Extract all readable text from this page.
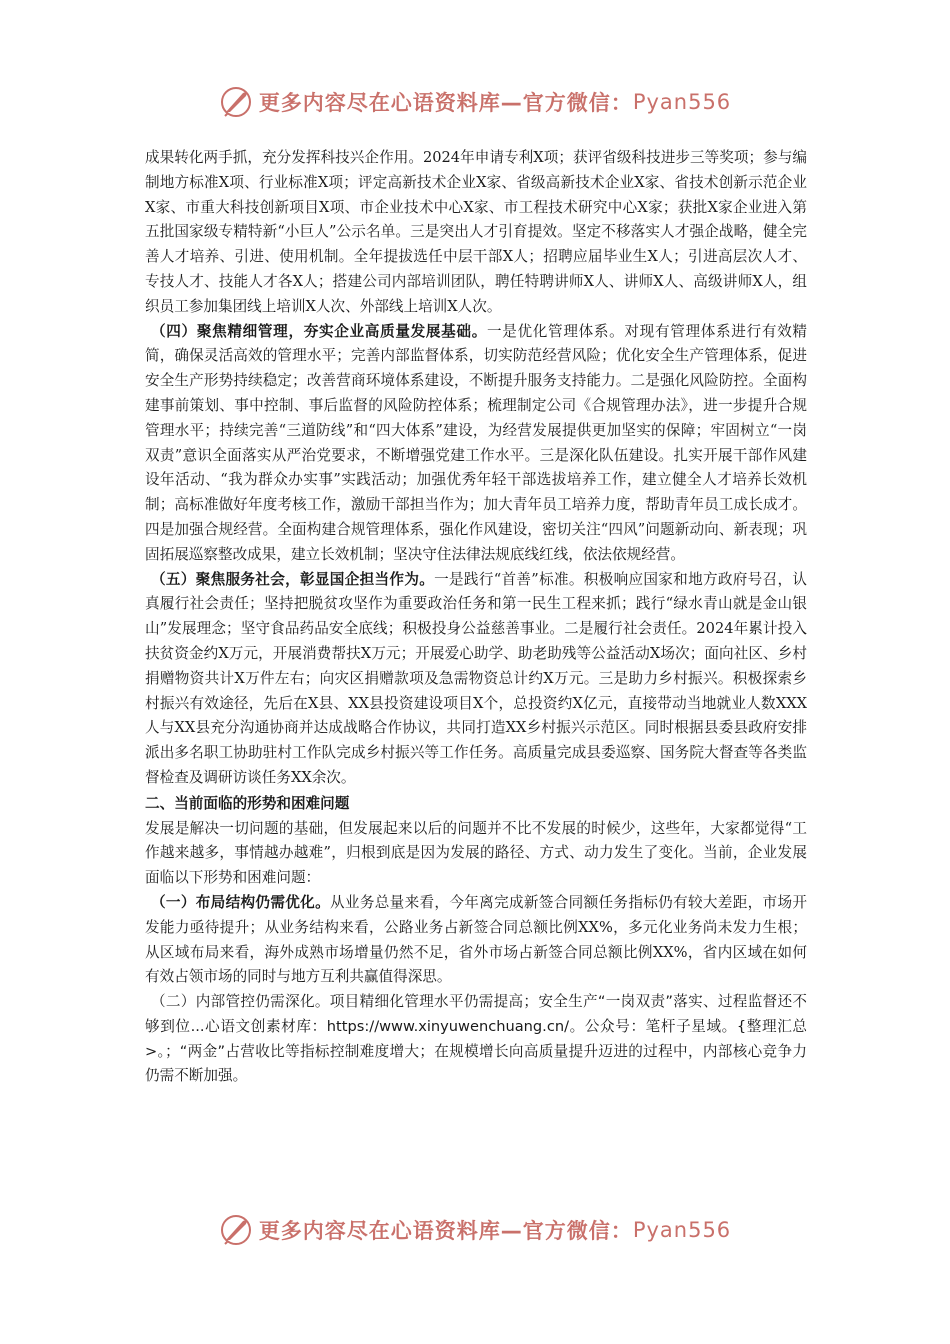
更多内容尽在心语资料库—官方微信： Pyan556

成果转化两手抓，充分发挥科技兴企作用。2024年申请专利X项；获评省级科技进步三等奖项；参与编制地方标准X项、行业标准X项；评定高新技术企业X家、省级高新技术企业X家、省技术创新示范企业X家、市重大科技创新项目X项、市企业技术中心X家、市工程技术研究中心X家；获批X家企业进入第五批国家级专精特新“小巨人”公示名单。三是突出人才引育提效。坚定不移落实人才强企战略，健全完善人才培养、引进、使用机制。全年提拔选任中层干部X人；招聘应届毕业生X人；引进高层次人才、专技人才、技能人才各X人；搭建公司内部培训团队，聘任特聘讲师X人、讲师X人、高级讲师X人，组织员工参加集团线上培训X人次、外部线上培训X人次。

（四）聚焦精细管理，夯实企业高质量发展基础。一是优化管理体系。对现有管理体系进行有效精简，确保灵活高效的管理水平；完善内部监督体系，切实防范经营风险；优化安全生产管理体系，促进安全生产形势持续稳定；改善营商环境体系建设，不断提升服务支持能力。二是强化风险防控。全面构建事前策划、事中控制、事后监督的风险防控体系；梳理制定公司《合规管理办法》，进一步提升合规管理水平；持续完善“三道防线”和“四大体系”建设，为经营发展提供更加坚实的保障；牢固树立“一岗双责”意识全面落实从严治党要求，不断增强党建工作水平。三是深化队伍建设。扎实开展干部作风建设年活动、“我为群众办实事”实践活动；加强优秀年轻干部选拔培养工作，建立健全人才培养长效机制；高标准做好年度考核工作，激励干部担当作为；加大青年员工培养力度，帮助青年员工成长成才。四是加强合规经营。全面构建合规管理体系，强化作风建设，密切关注“四风”问题新动向、新表现；巩固拓展巡察整改成果，建立长效机制；坚决守住法律法规底线红线，依法依规经营。

（五）聚焦服务社会，彰显国企担当作为。一是践行“首善”标准。积极响应国家和地方政府号召，认真履行社会责任；坚持把脱贫攻坚作为重要政治任务和第一民生工程来抓；践行“绿水青山就是金山银山”发展理念；坚守食品药品安全底线；积极投身公益慈善事业。二是履行社会责任。2024年累计投入扶贫资金约X万元，开展消费帮扶X万元；开展爱心助学、助老助残等公益活动X场次；面向社区、乡村捐赠物资共计X万件左右；向灾区捐赠款项及急需物资总计约X万元。三是助力乡村振兴。积极探索乡村振兴有效途径，先后在X县、XX县投资建设项目X个，总投资约X亿元，直接带动当地就业人数XXX人与XX县充分沟通协商并达成战略合作协议，共同打造XX乡村振兴示范区。同时根据县委县政府安排派出多名职工协助驻村工作队完成乡村振兴等工作任务。高质量完成县委巡察、国务院大督查等各类监督检查及调研访谈任务XX余次。

二、当前面临的形势和困难问题

发展是解决一切问题的基础，但发展起来以后的问题并不比不发展的时候少，这些年，大家都觉得“工作越来越多，事情越办越难”，归根到底是因为发展的路径、方式、动力发生了变化。当前，企业发展面临以下形势和困难问题：

（一）布局结构仍需优化。从业务总量来看，今年离完成新签合同额任务指标仍有较大差距，市场开发能力亟待提升；从业务结构来看，公路业务占新签合同总额比例XX%，多元化业务尚未发力生根；从区域布局来看，海外成熟市场增量仍然不足，省外市场占新签合同总额比例XX%，省内区域在如何有效占领市场的同时与地方互利共赢值得深思。

（二）内部管控仍需深化。项目精细化管理水平仍需提高；安全生产“一岗双责”落实、过程监督还不够到位...心语文创素材库：https://www.xinyuwenchuang.cn/。公众号：笔杆子星域。{整理汇总>。；“两金”占营收比等指标控制难度增大；在规模增长向高质量提升迈进的过程中，内部核心竞争力仍需不断加强。

更多内容尽在心语资料库—官方微信： Pyan556
